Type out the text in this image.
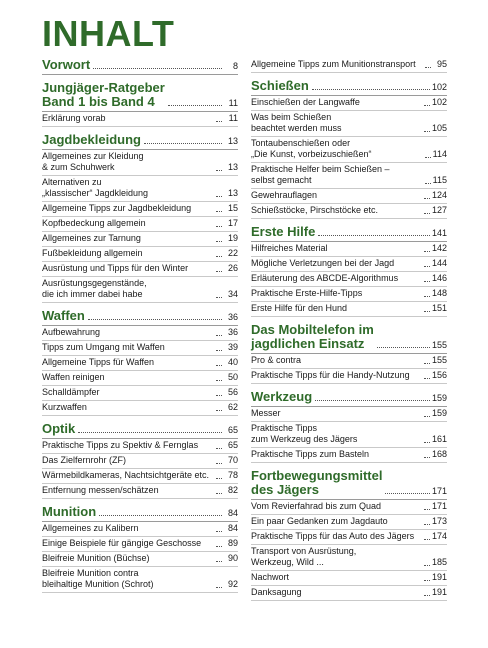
INHALT
Vorwort	8
Jungjäger-Ratgeber
Band 1 bis Band 4	11
Erklärung vorab	11
Jagdbekleidung	13
Allgemeines zur Kleidung
& zum Schuhwerk	13
Alternativen zu
„klassischer“ Jagdkleidung	13
Allgemeine Tipps zur Jagdbekleidung	15
Kopfbedeckung allgemein	17
Allgemeines zur Tarnung	19
Fußbekleidung allgemein	22
Ausrüstung und Tipps für den Winter	26
Ausrüstungsgegenstände,
die ich immer dabei habe	34
Waffen	36
Aufbewahrung	36
Tipps zum Umgang mit Waffen	39
Allgemeine Tipps für Waffen	40
Waffen reinigen	50
Schalldämpfer	56
Kurzwaffen	62
Optik	65
Praktische Tipps zu Spektiv & Fernglas	65
Das Zielfernrohr (ZF)	70
Wärmebildkameras, Nachtsichtgeräte etc.	78
Entfernung messen/schätzen	82
Munition	84
Allgemeines zu Kalibern	84
Einige Beispiele für gängige Geschosse	89
Bleifreie Munition (Büchse)	90
Bleifreie Munition contra
bleihaltige Munition (Schrot)	92
Allgemeine Tipps zum Munitionstransport	95
Schießen	102
Einschießen der Langwaffe	102
Was beim Schießen
beachtet werden muss	105
Tontaubenschießen oder
„Die Kunst, vorbeizuschießen“	114
Praktische Helfer beim Schießen –
selbst gemacht	115
Gewehrauflagen	124
Schießstöcke, Pirschstöcke etc.	127
Erste Hilfe	141
Hilfreiches Material	142
Mögliche Verletzungen bei der Jagd	144
Erläuterung des ABCDE-Algorithmus	146
Praktische Erste-Hilfe-Tipps	148
Erste Hilfe für den Hund	151
Das Mobiltelefon im
jagdlichen Einsatz	155
Pro & contra	155
Praktische Tipps für die Handy-Nutzung	156
Werkzeug	159
Messer	159
Praktische Tipps
zum Werkzeug des Jägers	161
Praktische Tipps zum Basteln	168
Fortbewegungsmittel
des Jägers	171
Vom Revierfahrad bis zum Quad	171
Ein paar Gedanken zum Jagdauto	173
Praktische Tipps für das Auto des Jägers	174
Transport von Ausrüstung,
Werkzeug, Wild ...	185
Nachwort	191
Danksagung	191
